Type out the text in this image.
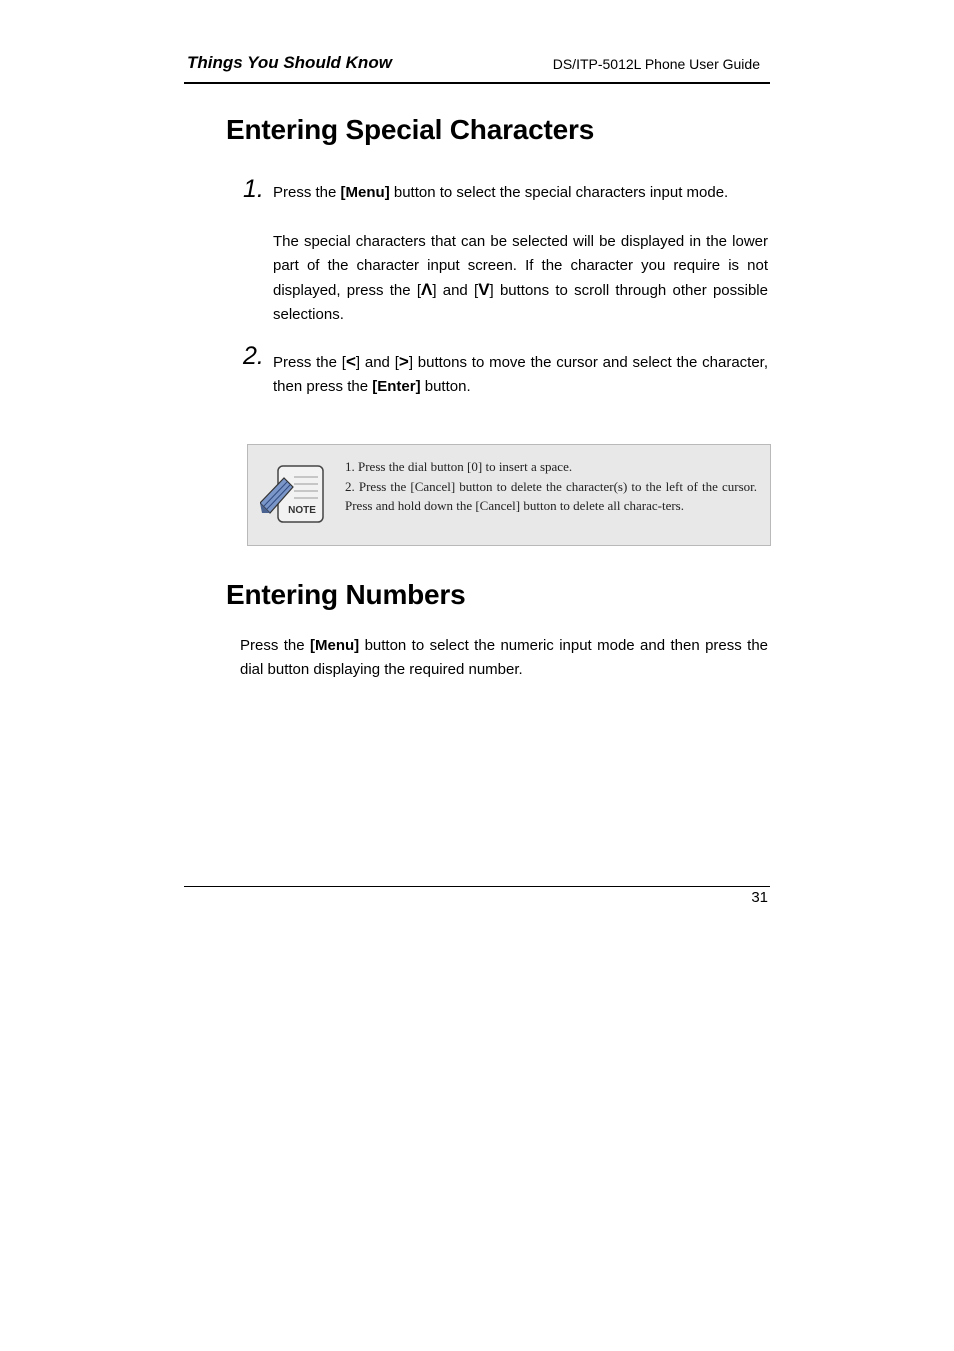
Things You Should Know	DS/ITP-5012L Phone User Guide
Entering Special Characters
1. Press the [Menu] button to select the special characters input mode.
The special characters that can be selected will be displayed in the lower part of the character input screen. If the character you require is not displayed, press the [Λ] and [V] buttons to scroll through other possible selections.
2. Press the [<] and [>] buttons to move the cursor and select the character, then press the [Enter] button.
NOTE
1. Press the dial button [0] to insert a space.
2. Press the [Cancel] button to delete the character(s) to the left of the cursor. Press and hold down the [Cancel] button to delete all charac-ters.
Entering Numbers
Press the [Menu] button to select the numeric input mode and then press the dial button displaying the required number.
31
